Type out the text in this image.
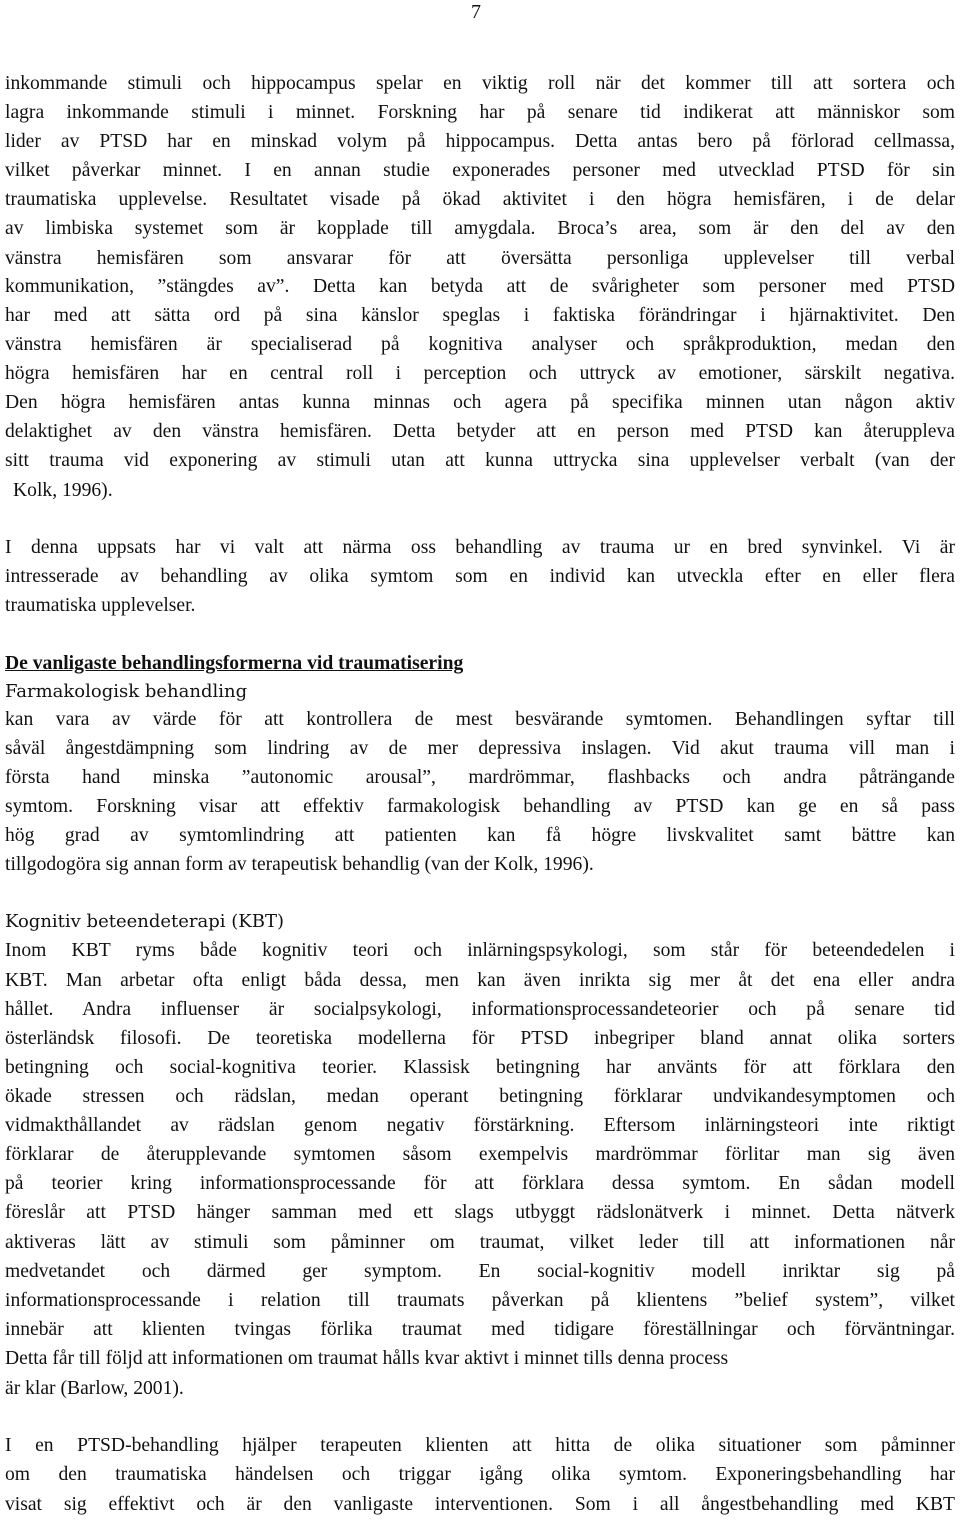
7
inkommande stimuli och hippocampus spelar en viktig roll när det kommer till att sortera och
lagra inkommande stimuli i minnet. Forskning har på senare tid indikerat att människor som
lider av PTSD har en minskad volym på hippocampus. Detta antas bero på förlorad cellmassa,
vilket påverkar minnet. I en annan studie exponerades personer med utvecklad PTSD för sin
traumatiska upplevelse. Resultatet visade på ökad aktivitet i den högra hemisfären, i de delar
av limbiska systemet som är kopplade till amygdala. Broca’s area, som är den del av den
vänstra hemisfären som ansvarar för att översätta personliga upplevelser till verbal
kommunikation, ”stängdes av”. Detta kan betyda att de svårigheter som personer med PTSD
har med att sätta ord på sina känslor speglas i faktiska förändringar i hjärnaktivitet. Den
vänstra hemisfären är specialiserad på kognitiva analyser och språkproduktion, medan den
högra hemisfären har en central roll i perception och uttryck av emotioner, särskilt negativa.
Den högra hemisfären antas kunna minnas och agera på specifika minnen utan någon aktiv
delaktighet av den vänstra hemisfären. Detta betyder att en person med PTSD kan återuppleva
sitt trauma vid exponering av stimuli utan att kunna uttrycka sina upplevelser verbalt (van der
Kolk, 1996).
I denna uppsats har vi valt att närma oss behandling av trauma ur en bred synvinkel. Vi är
intresserade av behandling av olika symtom som en individ kan utveckla efter en eller flera
traumatiska upplevelser.
De vanligaste behandlingsformerna vid traumatisering
Farmakologisk behandling
kan vara av värde för att kontrollera de mest besvärande symtomen. Behandlingen syftar till
såväl ångestdämpning som lindring av de mer depressiva inslagen. Vid akut trauma vill man i
första hand minska ”autonomic arousal”, mardrömmar, flashbacks och andra påträngande
symtom. Forskning visar att effektiv farmakologisk behandling av PTSD kan ge en så pass
hög grad av symtomlindring att patienten kan få högre livskvalitet samt bättre kan
tillgodogöra sig annan form av terapeutisk behandlig (van der Kolk, 1996).
Kognitiv beteendeterapi (KBT)
Inom KBT ryms både kognitiv teori och inlärningspsykologi, som står för beteendedelen i
KBT. Man arbetar ofta enligt båda dessa, men kan även inrikta sig mer åt det ena eller andra
hållet. Andra influenser är socialpsykologi, informationsprocessandeteorier och på senare tid
österländsk filosofi. De teoretiska modellerna för PTSD inbegriper bland annat olika sorters
betingning och social-kognitiva teorier. Klassisk betingning har använts för att förklara den
ökade stressen och rädslan, medan operant betingning förklarar undvikandesymptomen och
vidmakthållandet av rädslan genom negativ förstärkning. Eftersom inlärningsteori inte riktigt
förklarar de återupplevande symtomen såsom exempelvis mardrömmar förlitar man sig även
på teorier kring informationsprocessande för att förklara dessa symtom. En sådan modell
föreslår att PTSD hänger samman med ett slags utbyggt rädslonätverk i minnet. Detta nätverk
aktiveras lätt av stimuli som påminner om traumat, vilket leder till att informationen når
medvetandet och därmed ger symptom. En social-kognitiv modell inriktar sig på
informationsprocessande i relation till traumats påverkan på klientens ”belief system”, vilket
innebär att klienten tvingas förlika traumat med tidigare föreställningar och förväntningar.
Detta får till följd att informationen om traumat hålls kvar aktivt i minnet tills denna process
är klar (Barlow, 2001).
I en PTSD-behandling hjälper terapeuten klienten att hitta de olika situationer som påminner
om den traumatiska händelsen och triggar igång olika symtom. Exponeringsbehandling har
visat sig effektivt och är den vanligaste interventionen. Som i all ångestbehandling med KBT
